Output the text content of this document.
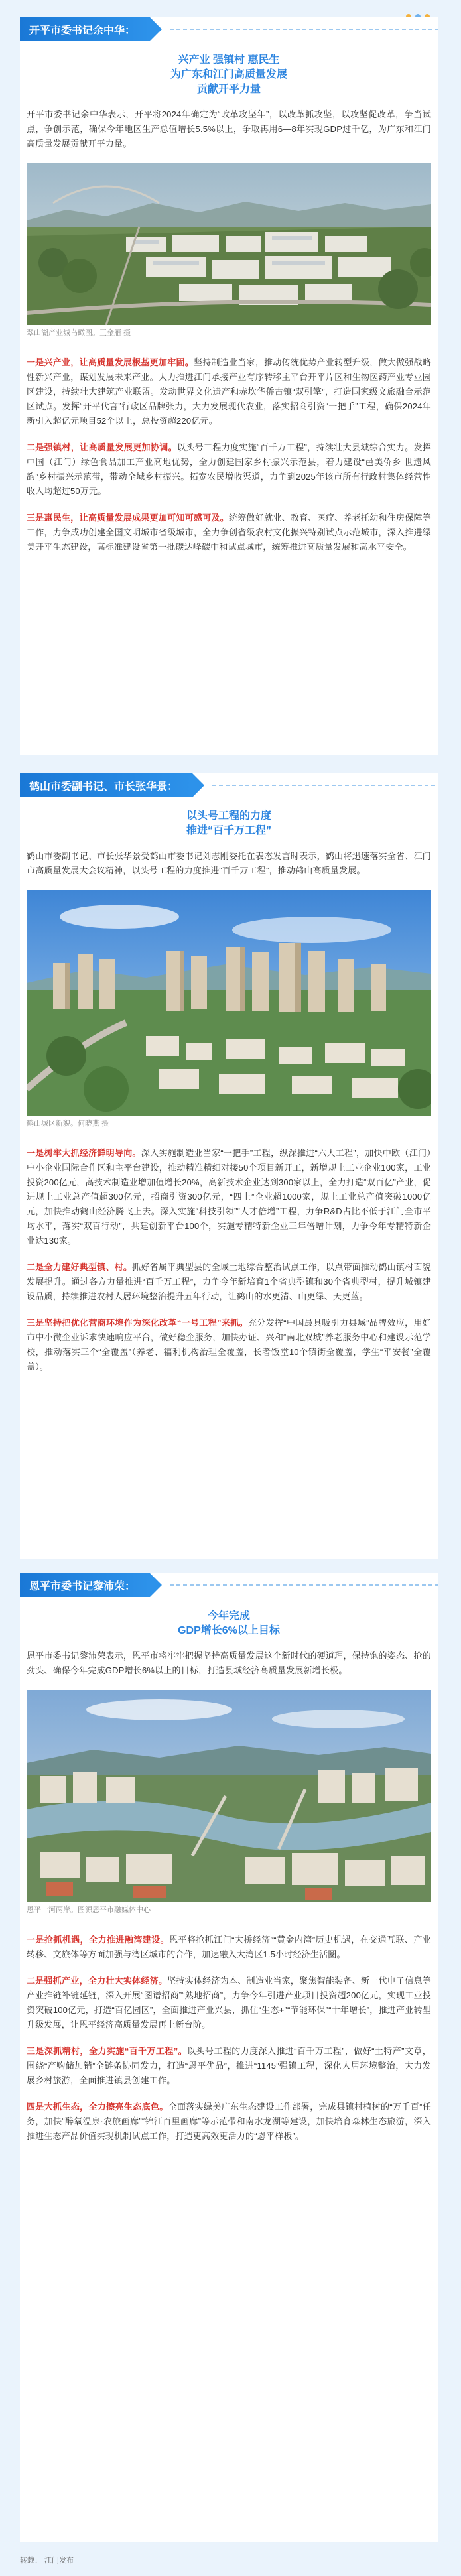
开平市委书记余中华：
兴产业 强镇村 惠民生
为广东和江门高质量发展
贡献开平力量

开平市委书记余中华表示，开平将2024年确定为“改革攻坚年”，以改革抓攻坚，以攻坚促改革，争当试点，争创示范，确保今年地区生产总值增长5.5%以上，争取再用6—8年实现GDP过千亿，为广东和江门高质量发展贡献开平力量。

翠山湖产业城鸟瞰图。王金雁 摄

一是兴产业，让高质量发展根基更加牢固。坚持制造业当家，推动传统优势产业转型升级，做大做强战略性新兴产业，谋划发展未来产业。大力推进江门承接产业有序转移主平台开平片区和生物医药产业专业园区建设，持续壮大建筑产业联盟。发动世界文化遗产和赤坎华侨古镇“双引擎”，打造国家级文旅融合示范区试点。发挥“开平代言”行政区品牌张力，大力发展现代农业，落实招商引资“一把手”工程，确保2024年新引入超亿元项目52个以上，总投资超220亿元。

二是强镇村，让高质量发展更加协调。以头号工程力度实施“百千万工程”，持续壮大县域综合实力。发挥中国（江门）绿色食品加工产业高地优势，全力创建国家乡村振兴示范县，着力建设“邑美侨乡 世遗风韵”乡村振兴示范带，带动全域乡村振兴。拓宽农民增收渠道，力争到2025年该市所有行政村集体经营性收入均超过50万元。

三是惠民生，让高质量发展成果更加可知可感可及。统筹做好就业、教育、医疗、养老托幼和住房保障等工作，力争成功创建全国文明城市省级城市，全力争创省级农村文化振兴特别试点示范城市，深入推进绿美开平生态建设，高标准建设省第一批碳达峰碳中和试点城市，统筹推进高质量发展和高水平安全。

鹤山市委副书记、市长张华景：
以头号工程的力度
推进“百千万工程”

鹤山市委副书记、市长张华景受鹤山市委书记刘志刚委托在表态发言时表示，鹤山将迅速落实全省、江门市高质量发展大会议精神，以头号工程的力度推进“百千万工程”，推动鹤山高质量发展。

鹤山城区新貌。何晓燕 摄

一是树牢大抓经济鲜明导向。深入实施制造业当家“一把手”工程，纵深推进“六大工程”，加快中欧（江门）中小企业国际合作区和主平台建设，推动精准精细对接50个项目新开工，新增规上工业企业100家，工业投资200亿元，高技术制造业增加值增长20%，高新技术企业达到300家以上，全力打造“双百亿”产业，促进规上工业总产值超300亿元，招商引资300亿元，“四上”企业超1000家，规上工业总产值突破1000亿元，加快推动鹤山经济腾飞上去。深入实施“科技引领”“人才倍增”工程，力争R&D占比不低于江门全市平均水平，落实“双百行动”，共建创新平台100个，实施专精特新企业三年倍增计划，力争今年专精特新企业达130家。

二是全力建好典型镇、村。抓好省属平典型县的全域土地综合整治试点工作，以点带面推动鹤山镇村面貌发展提升。通过各方力量推进“百千万工程”，力争今年新培育1个省典型镇和30个省典型村，提升城镇建设品质，持续推进农村人居环境整治提升五年行动，让鹤山的水更清、山更绿、天更蓝。

三是坚持把优化营商环境作为深化改革“一号工程”来抓。充分发挥“中国最具吸引力县域”品牌效应，用好市中小微企业诉求快速响应平台，做好稳企服务，加快办证、兴和“南北双城”养老服务中心和建设示范学校，推动落实三个“全覆盖”（养老、福利机构治理全覆盖，长者饭堂10个镇街全覆盖，学生“平安餐”全覆盖）。

恩平市委书记黎沛荣：
今年完成
GDP增长6%以上目标

恩平市委书记黎沛荣表示，恩平市将牢牢把握坚持高质量发展这个新时代的硬道理，保持饱的姿态、抢的劲头、确保今年完成GDP增长6%以上的目标，打造县域经济高质量发展新增长极。

恩平一河两岸。图源恩平市融媒体中心

一是抢抓机遇，全力推进融湾建设。恩平将抢抓江门“大桥经济”“黄金内湾”历史机遇，在交通互联、产业转移、文旅体等方面加强与湾区城市的合作，加速融入大湾区1.5小时经济生活圈。

二是强抓产业，全力壮大实体经济。坚持实体经济为本、制造业当家，聚焦智能装备、新一代电子信息等产业推链补链延链，深入开展“图谱招商”“熟地招商”，力争今年引进产业项目投资超200亿元，实现工业投资突破100亿元，打造“百亿园区”，全面推进产业兴县，抓住“生态+”“节能环保”“十年增长”，推进产业转型升级发展，让恩平经济高质量发展再上新台阶。

三是深抓精村，全力实施“百千万工程”。以头号工程的力度深入推进“百千万工程”，做好“土特产”文章，围绕“产购储加销”全链条协同发力，打造“恩平优品”，推进“1145”强镇工程，深化人居环境整治，大力发展乡村旅游，全面推进镇县创建工作。

四是大抓生态，全力擦亮生态底色。全面落实绿美广东生态建设工作部署，完成县镇村植树的“万千百”任务，加快“醉氧温泉·农旅画廊”“锦江百里画廊”等示范带和南水龙湖等建设，加快培育森林生态旅游，深入推进生态产品价值实现机制试点工作，打造更高效更活力的“恩平样板”。

转载： 江门发布
